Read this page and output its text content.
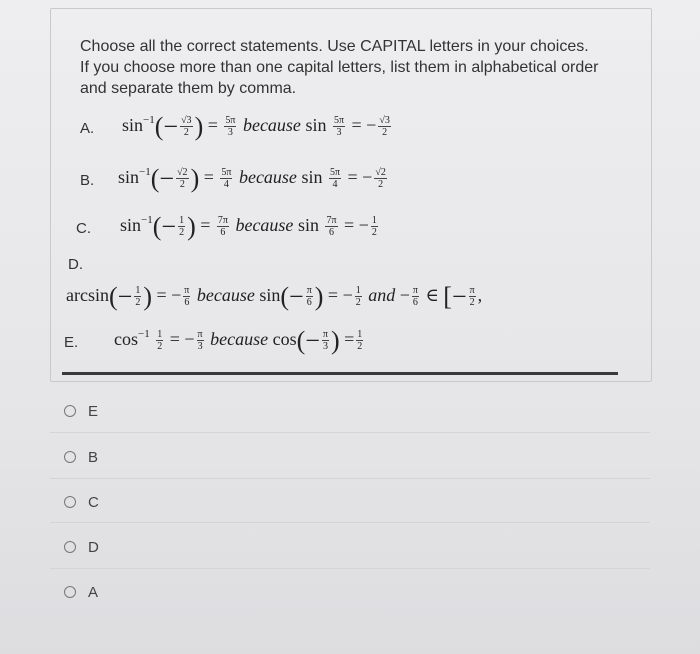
Choose all the correct statements. Use CAPITAL letters in your choices. If you choose more than one capital letters, list them in alphabetical order and separate them by comma.
A. $\sin^{-1}(- \frac{√3}{2}$ ) = $\frac{5\pi}{3}$ because $\sin \frac{5\pi}{3}$ = − $\frac{√3}{2}$
B. $\sin^{-1}(- \frac{√2}{2}$ ) = $\frac{5\pi}{4}$ because $\sin \frac{5\pi}{4}$ = − $\frac{√2}{2}$
C. $\sin^{-1}(- \frac{1}{2}$ ) = $\frac{7\pi}{6}$ because $\sin \frac{7\pi}{6}$ = − $\frac{1}{2}$
D.
$\arcsin(- \frac{1}{2}$ ) = − $\frac{\pi}{6}$ because $\sin(- \frac{\pi}{6}$ ) = − $\frac{1}{2}$ and − $\frac{\pi}{6}$ ∈ [− $\frac{\pi}{2}$ ,
E. $\cos^{-1} \frac{1}{2}$ = − $\frac{\pi}{3}$ because $\cos(- \frac{\pi}{3}$ ) = $\frac{1}{2}$
E
B
C
D
A
